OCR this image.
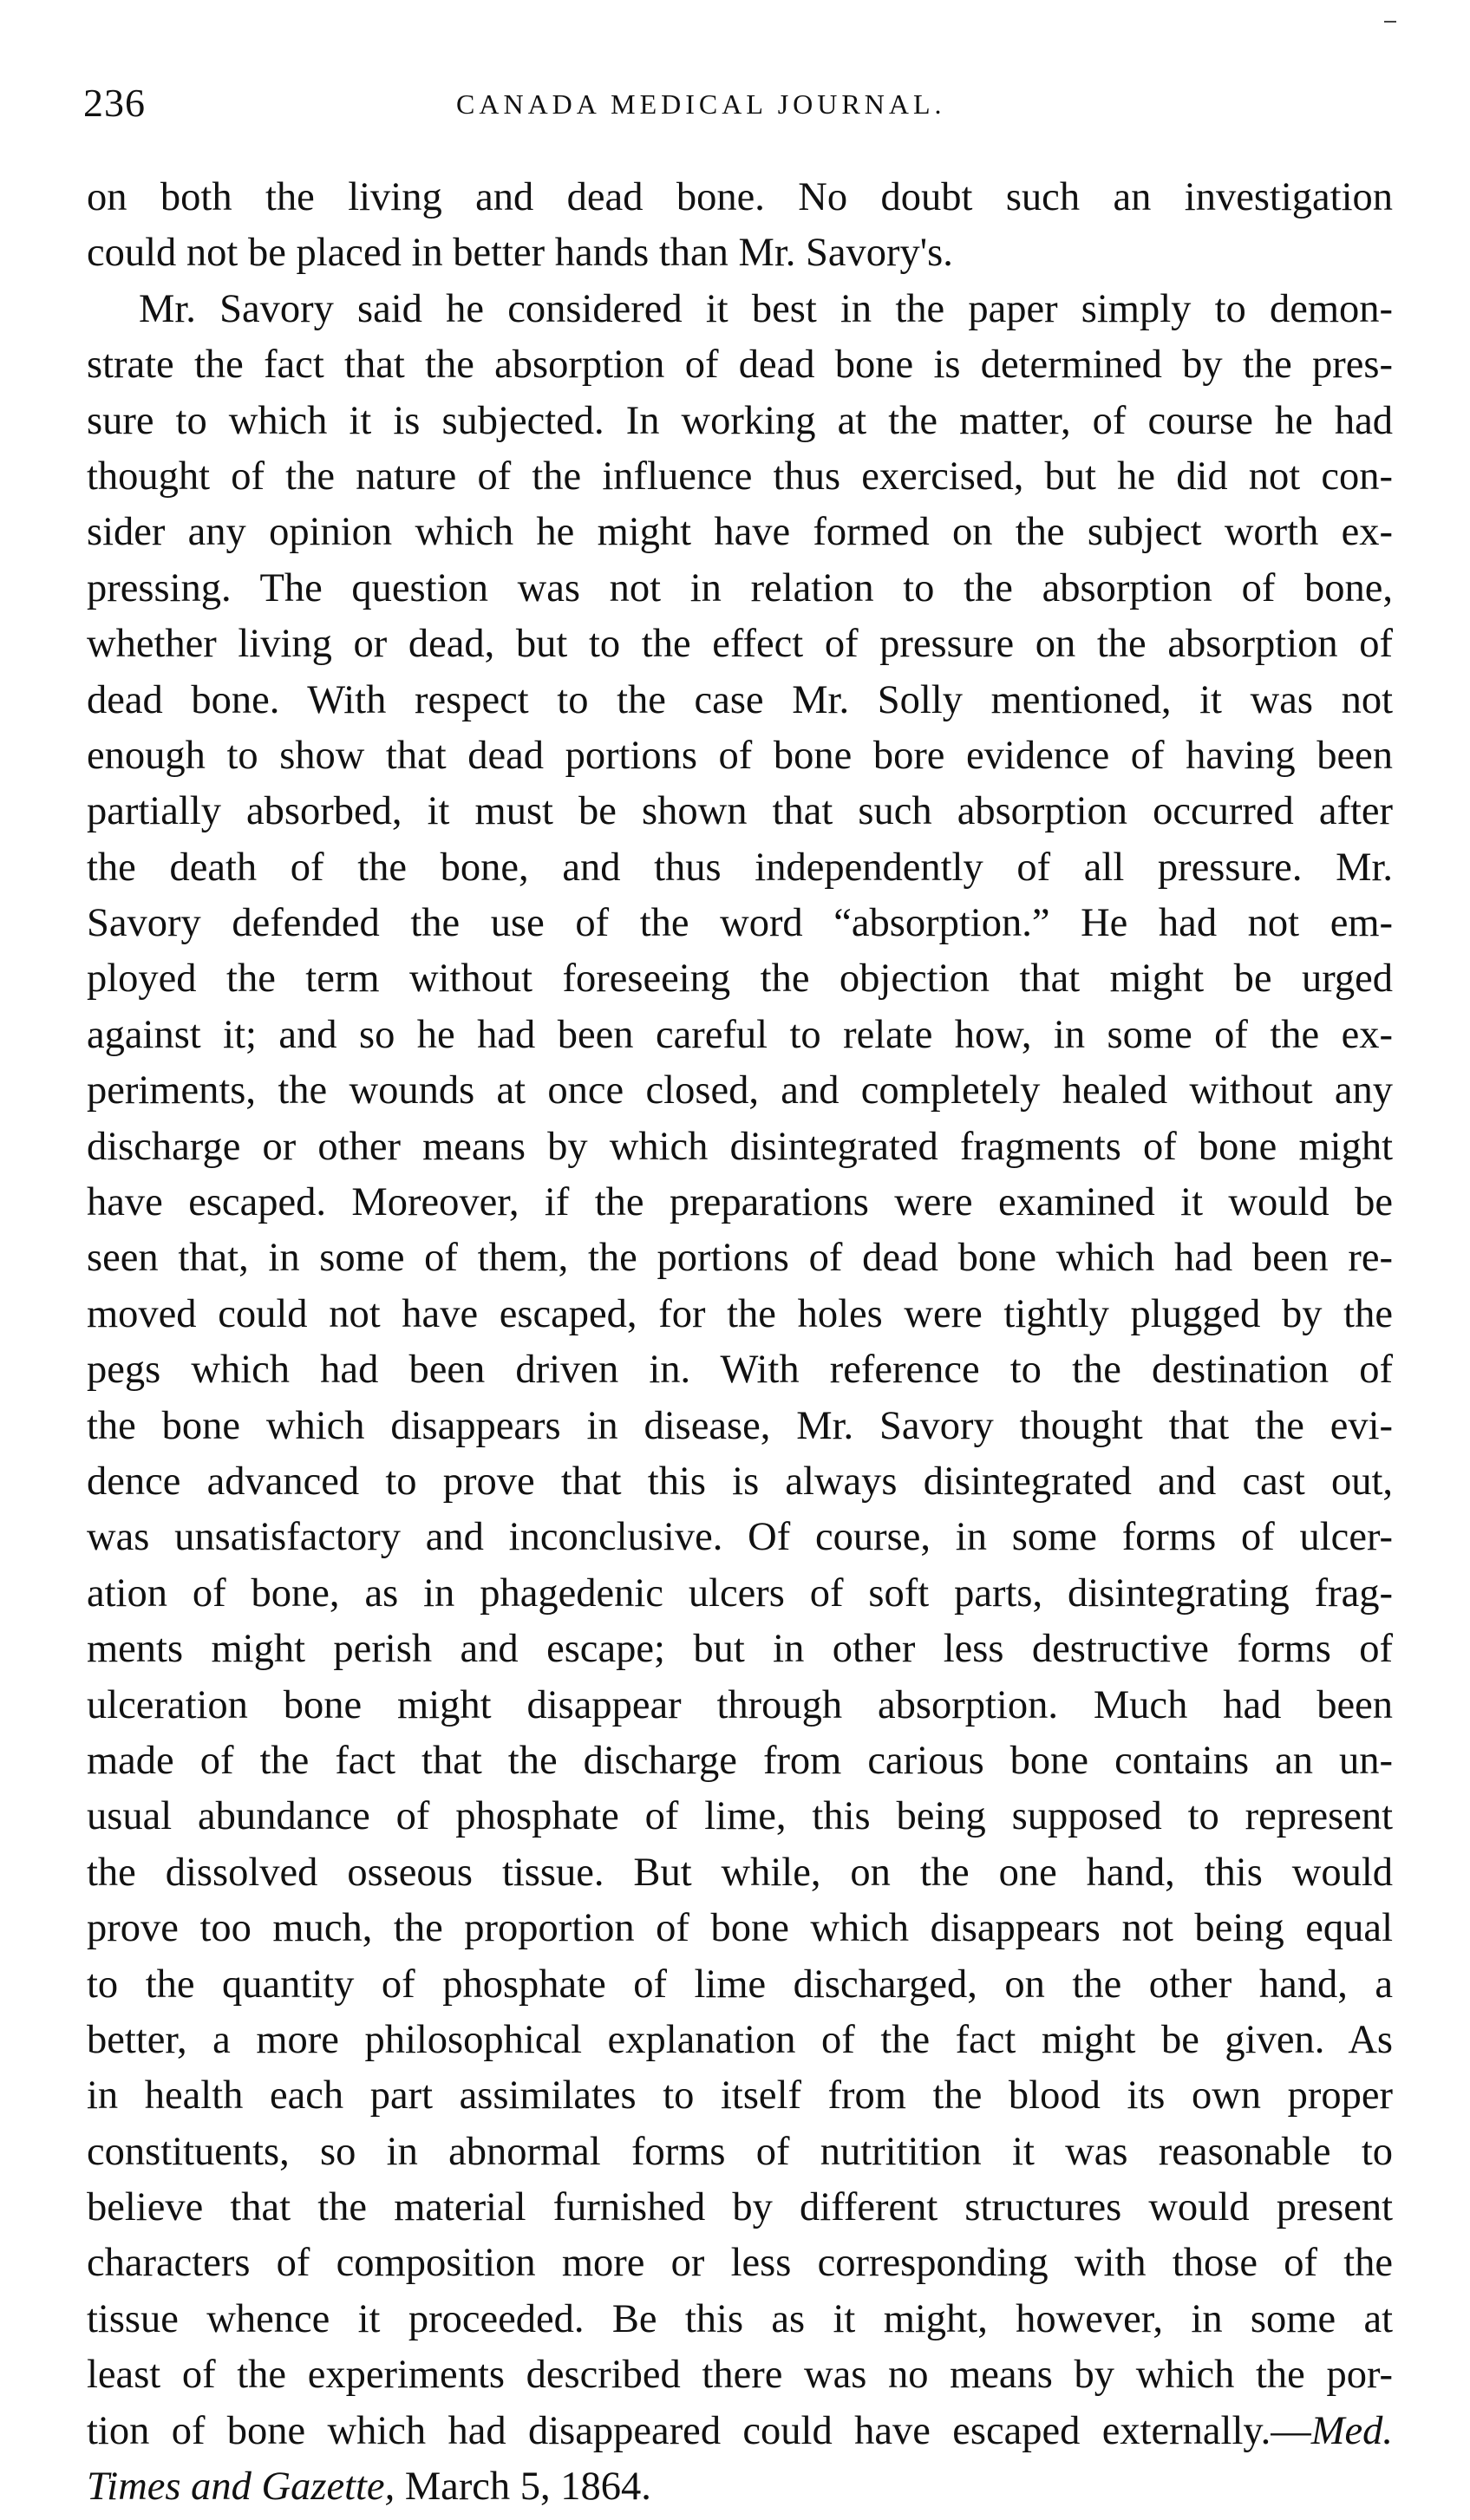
236	CANADA MEDICAL JOURNAL.
on both the living and dead bone. No doubt such an investigation
could not be placed in better hands than Mr. Savory's.
Mr. Savory said he considered it best in the paper simply to demon-
strate the fact that the absorption of dead bone is determined by the pres-
sure to which it is subjected. In working at the matter, of course he had
thought of the nature of the influence thus exercised, but he did not con-
sider any opinion which he might have formed on the subject worth ex-
pressing. The question was not in relation to the absorption of bone,
whether living or dead, but to the effect of pressure on the absorption of
dead bone. With respect to the case Mr. Solly mentioned, it was not
enough to show that dead portions of bone bore evidence of having been
partially absorbed, it must be shown that such absorption occurred after
the death of the bone, and thus independently of all pressure. Mr.
Savory defended the use of the word “absorption.” He had not em-
ployed the term without foreseeing the objection that might be urged
against it; and so he had been careful to relate how, in some of the ex-
periments, the wounds at once closed, and completely healed without any
discharge or other means by which disintegrated fragments of bone might
have escaped. Moreover, if the preparations were examined it would be
seen that, in some of them, the portions of dead bone which had been re-
moved could not have escaped, for the holes were tightly plugged by the
pegs which had been driven in. With reference to the destination of
the bone which disappears in disease, Mr. Savory thought that the evi-
dence advanced to prove that this is always disintegrated and cast out,
was unsatisfactory and inconclusive. Of course, in some forms of ulcer-
ation of bone, as in phagedenic ulcers of soft parts, disintegrating frag-
ments might perish and escape; but in other less destructive forms of
ulceration bone might disappear through absorption. Much had been
made of the fact that the discharge from carious bone contains an un-
usual abundance of phosphate of lime, this being supposed to represent
the dissolved osseous tissue. But while, on the one hand, this would
prove too much, the proportion of bone which disappears not being equal
to the quantity of phosphate of lime discharged, on the other hand, a
better, a more philosophical explanation of the fact might be given. As
in health each part assimilates to itself from the blood its own proper
constituents, so in abnormal forms of nutritition it was reasonable to
believe that the material furnished by different structures would present
characters of composition more or less corresponding with those of the
tissue whence it proceeded. Be this as it might, however, in some at
least of the experiments described there was no means by which the por-
tion of bone which had disappeared could have escaped externally.—Med.
Times and Gazette, March 5, 1864.
